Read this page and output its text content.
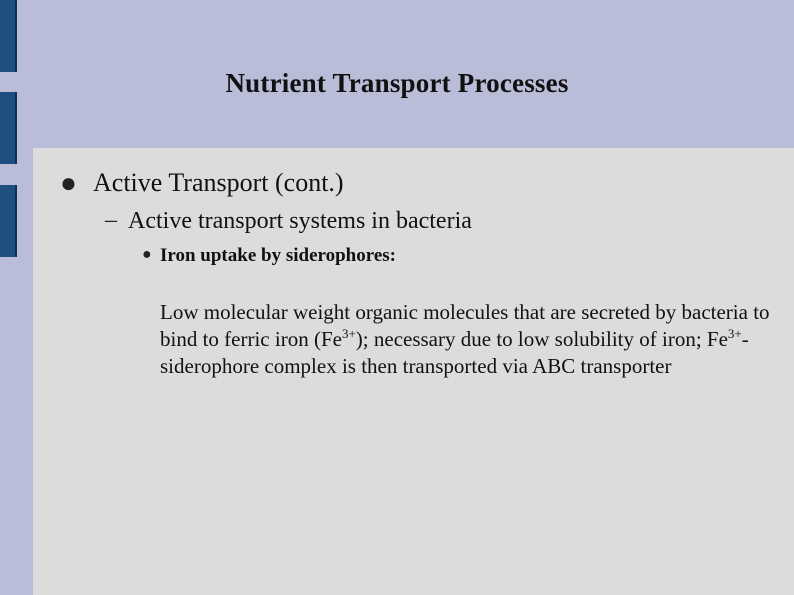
Nutrient Transport Processes
● Active Transport (cont.)
– Active transport systems in bacteria
● Iron uptake by siderophores:
Low molecular weight organic molecules that are secreted by bacteria to bind to ferric iron $(Fe^{3+})$; necessary due to low solubility of iron; $Fe^{3+}-$ siderophore complex is then transported via ABC transporter
